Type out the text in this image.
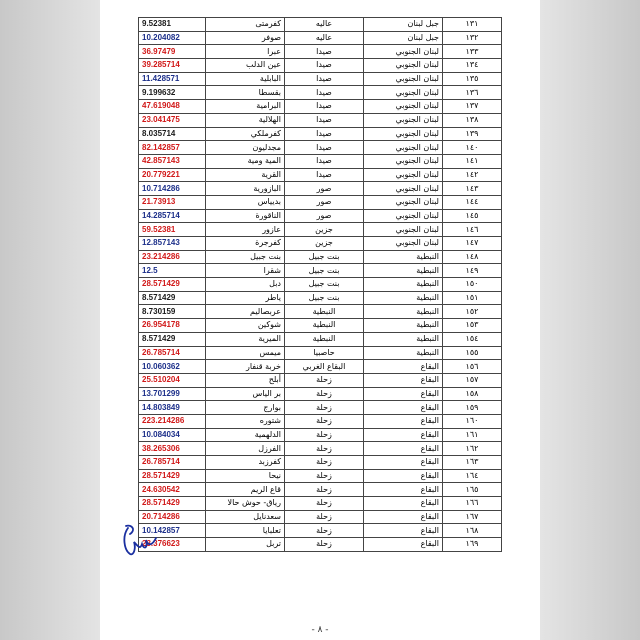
9.52381	كفرمتى	عاليه	جبل لبنان	١٣١
10.204082	صوفر	عاليه	جبل لبنان	١٣٢
36.97479	عبرا	صيدا	لبنان الجنوبي	١٣٣
39.285714	عين الدلب	صيدا	لبنان الجنوبي	١٣٤
11.428571	البابلية	صيدا	لبنان الجنوبي	١٣٥
9.199632	بقسطا	صيدا	لبنان الجنوبي	١٣٦
47.619048	البرامية	صيدا	لبنان الجنوبي	١٣٧
23.041475	الهلالية	صيدا	لبنان الجنوبي	١٣٨
8.035714	كفرملكي	صيدا	لبنان الجنوبي	١٣٩
82.142857	مجدليون	صيدا	لبنان الجنوبي	١٤٠
42.857143	المية ومية	صيدا	لبنان الجنوبي	١٤١
20.779221	القرية	صيدا	لبنان الجنوبي	١٤٢
10.714286	البازورية	صور	لبنان الجنوبي	١٤٣
21.73913	بديياس	صور	لبنان الجنوبي	١٤٤
14.285714	الناقورة	صور	لبنان الجنوبي	١٤٥
59.52381	عازور	جزين	لبنان الجنوبي	١٤٦
12.857143	كفرجرة	جزين	لبنان الجنوبي	١٤٧
23.214286	بنت جبيل	بنت جبيل	النبطية	١٤٨
12.5	شقرا	بنت جبيل	النبطية	١٤٩
28.571429	دبل	بنت جبيل	النبطية	١٥٠
8.571429	ياطر	بنت جبيل	النبطية	١٥١
8.730159	عربصاليم	النبطية	النبطية	١٥٢
26.954178	شوكين	النبطية	النبطية	١٥٣
8.571429	الميرية	النبطية	النبطية	١٥٤
26.785714	ميمس	حاصبيا	النبطية	١٥٥
10.060362	خربة قنفار	البقاع الغربي	البقاع	١٥٦
25.510204	أبلح	زحلة	البقاع	١٥٧
13.701299	بر الياس	زحلة	البقاع	١٥٨
14.803849	بوارج	زحلة	البقاع	١٥٩
223.214286	شتوره	زحلة	البقاع	١٦٠
10.084034	الدلهمية	زحلة	البقاع	١٦١
38.265306	الفرزل	زحلة	البقاع	١٦٢
26.785714	كفرزبد	زحلة	البقاع	١٦٣
28.571429	نيحا	زحلة	البقاع	١٦٤
24.630542	قاع الريم	زحلة	البقاع	١٦٥
28.571429	رياق- حوش حالا	زحلة	البقاع	١٦٦
20.714286	سعدنايل	زحلة	البقاع	١٦٧
10.142857	تعلبايا	زحلة	البقاع	١٦٨
23.376623	تربل	زحلة	البقاع	١٦٩
- ٨ -
